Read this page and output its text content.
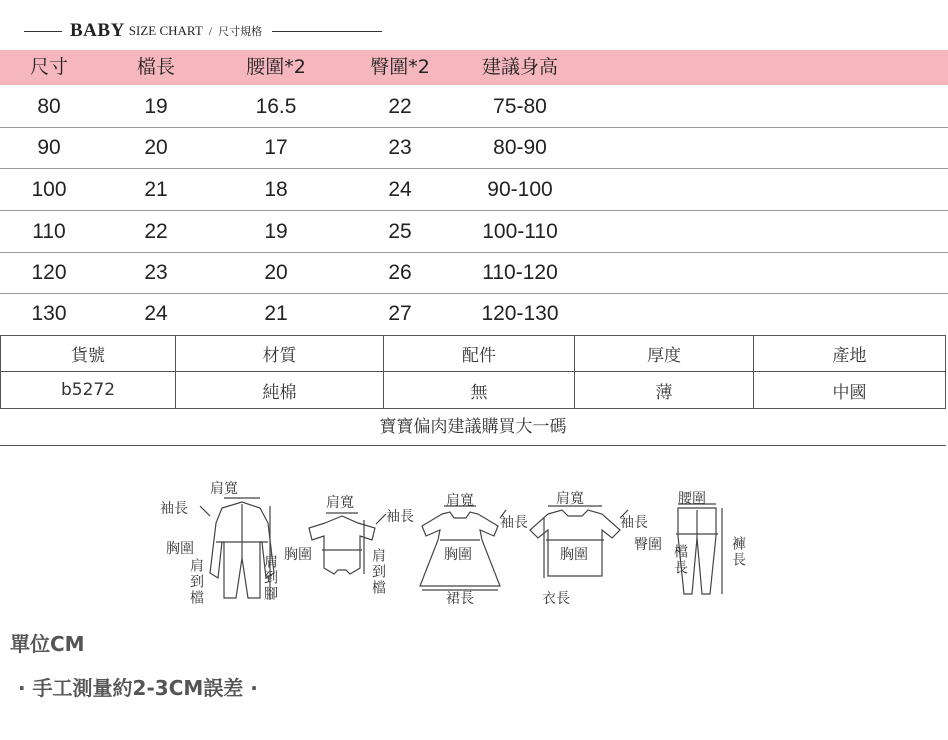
BABY SIZE CHART / 尺寸規格
尺寸	檔長	腰圍*2	臀圍*2	建議身高
80	19	16.5	22	75-80
90	20	17	23	80-90
100	21	18	24	90-100
110	22	19	25	100-110
120	23	20	26	110-120
130	24	21	27	120-130
貨號	材質	配件	厚度	產地
b5272	純棉	無	薄	中國
寶寶偏肉建議購買大一碼
肩寬
袖長
胸圍
肩到檔	肩到腳
肩寬
袖長
胸圍	肩到檔
肩寬
袖長
胸圍
裙長
肩寬
袖長
胸圍
衣長
腰圍
臀圍 檔長	褲長
單位CM
· 手工測量約2-3CM誤差 ·
